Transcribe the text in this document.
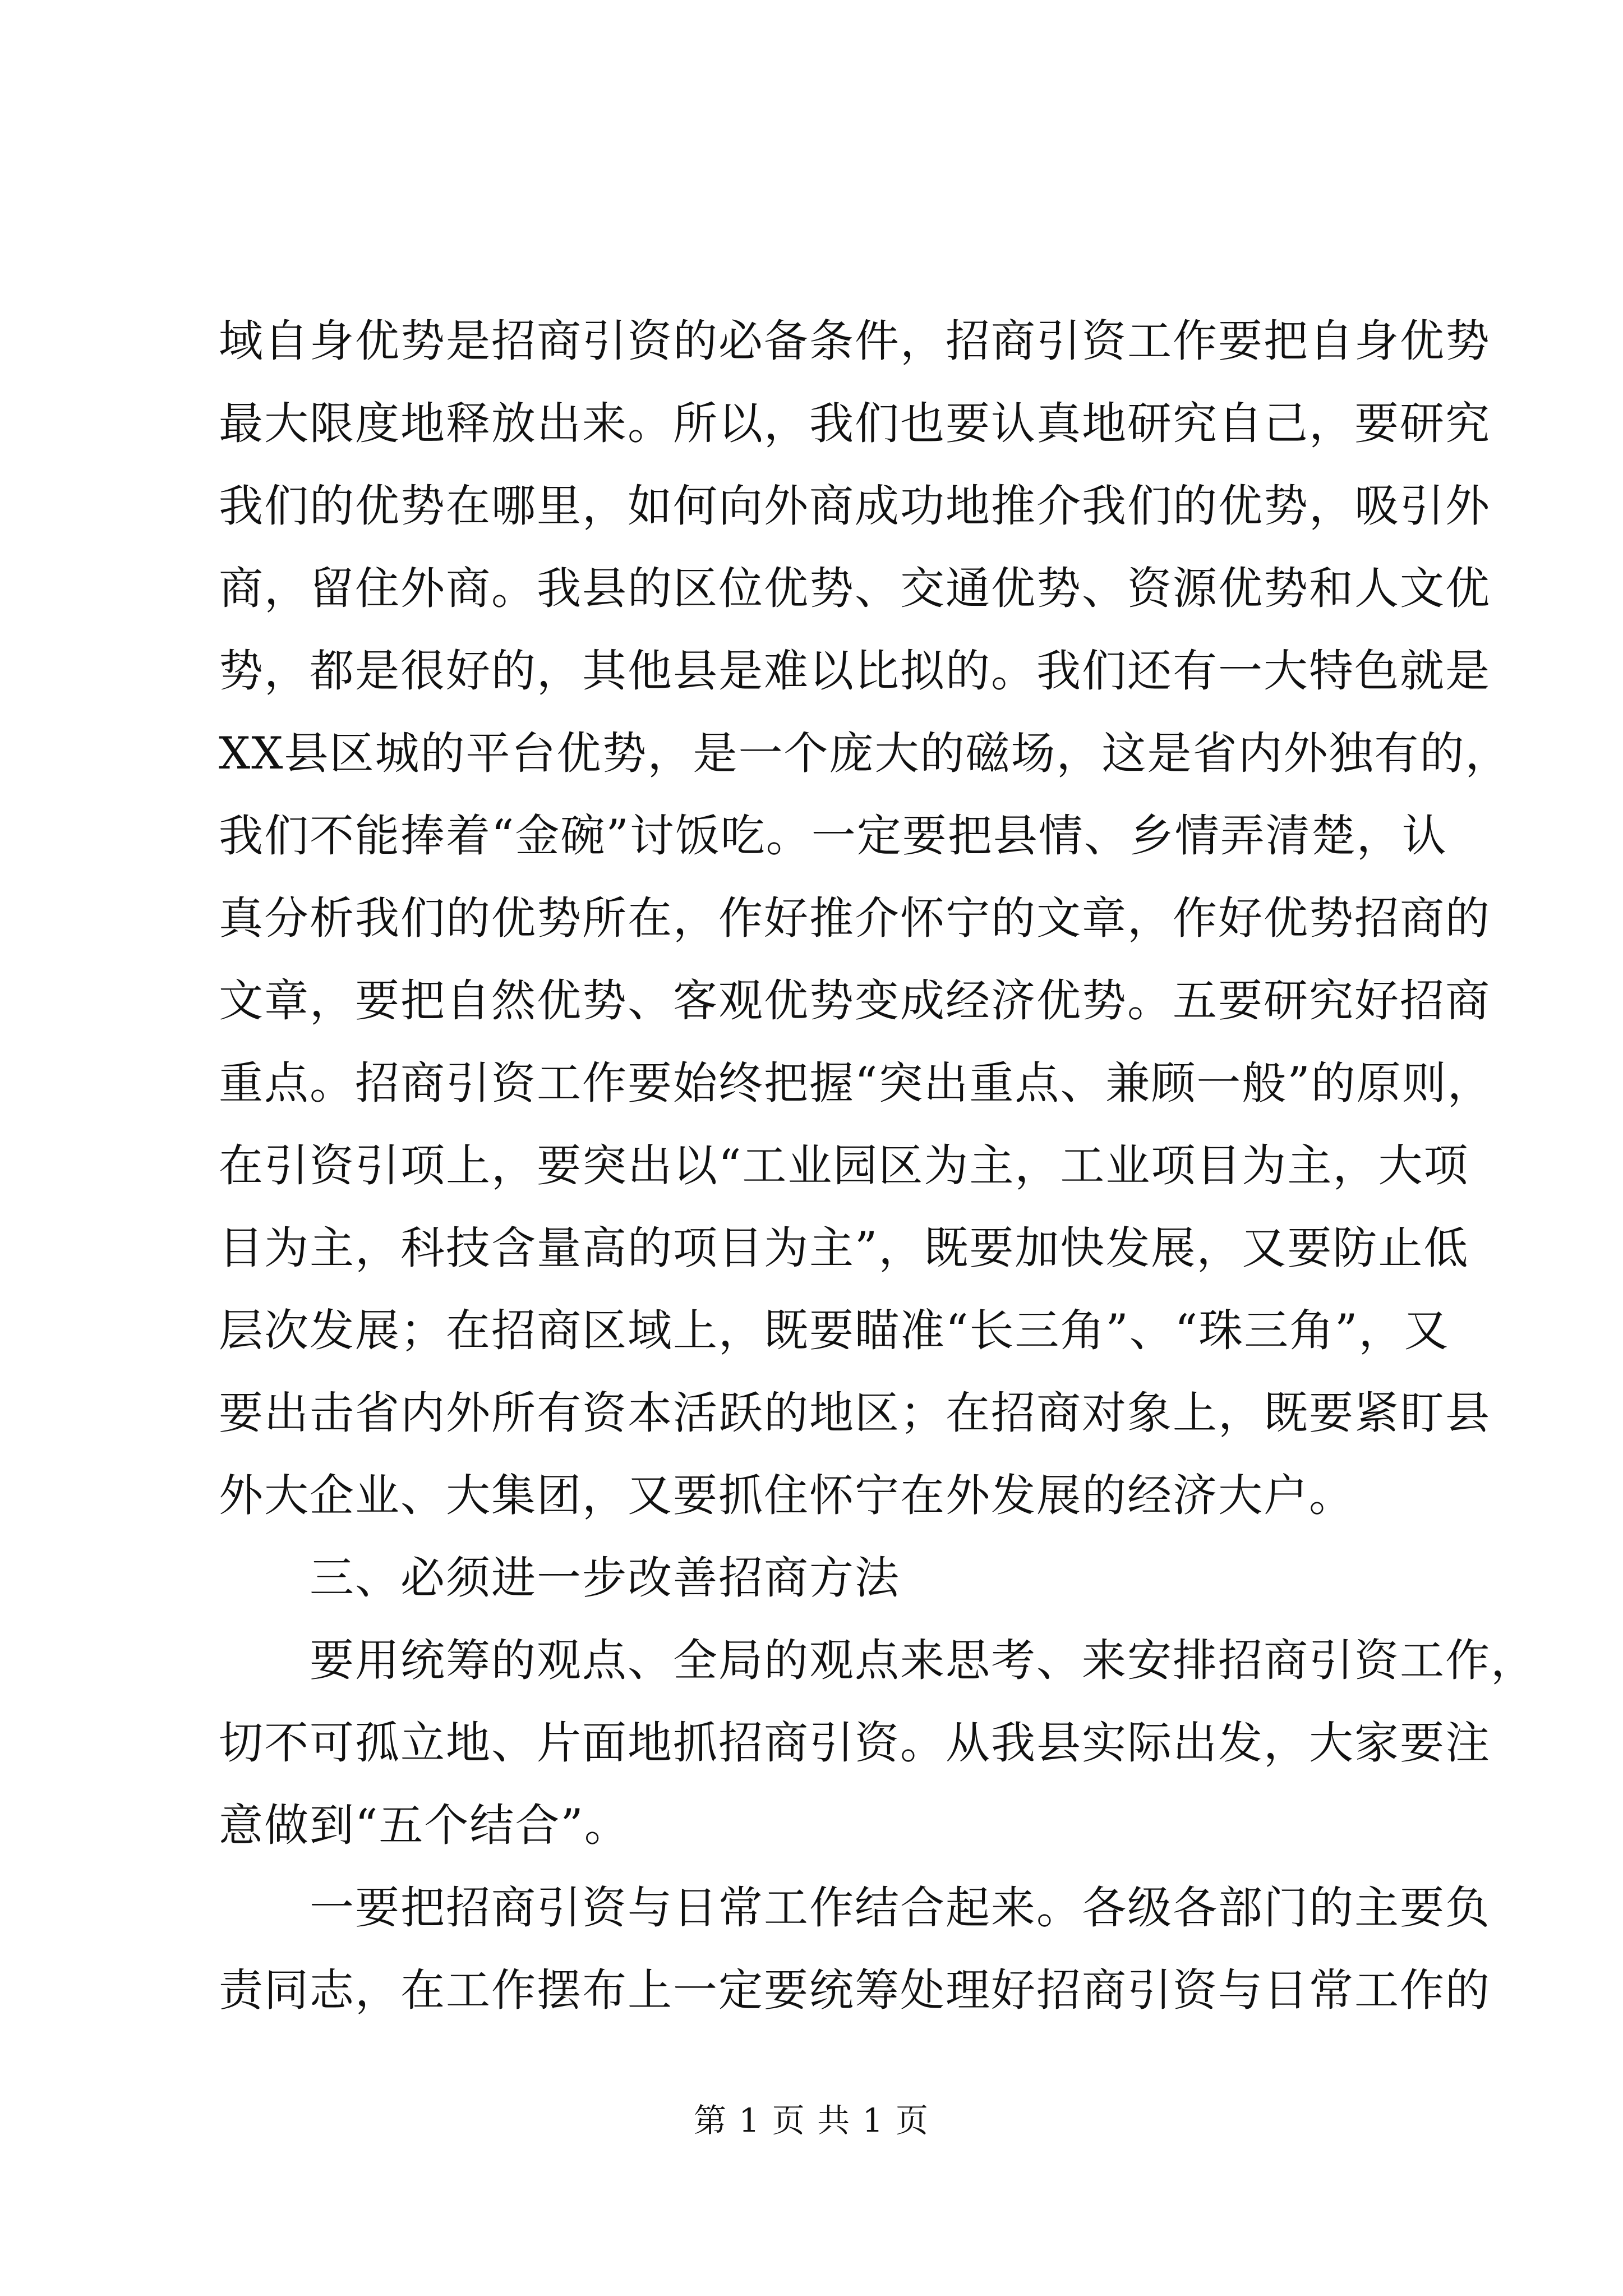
域自身优势是招商引资的必备条件，招商引资工作要把自身优势
最大限度地释放出来。所以，我们也要认真地研究自己，要研究
我们的优势在哪里，如何向外商成功地推介我们的优势，吸引外
商，留住外商。我县的区位优势、交通优势、资源优势和人文优
势，都是很好的，其他县是难以比拟的。我们还有一大特色就是
XX县区城的平台优势，是一个庞大的磁场，这是省内外独有的，
我们不能捧着“金碗”讨饭吃。一定要把县情、乡情弄清楚，认
真分析我们的优势所在，作好推介怀宁的文章，作好优势招商的
文章，要把自然优势、客观优势变成经济优势。五要研究好招商
重点。招商引资工作要始终把握“突出重点、兼顾一般”的原则，
在引资引项上，要突出以“工业园区为主，工业项目为主，大项
目为主，科技含量高的项目为主”，既要加快发展，又要防止低
层次发展；在招商区域上，既要瞄准“长三角”、“珠三角”，又
要出击省内外所有资本活跃的地区；在招商对象上，既要紧盯县
外大企业、大集团，又要抓住怀宁在外发展的经济大户。
三、必须进一步改善招商方法
要用统筹的观点、全局的观点来思考、来安排招商引资工作，
切不可孤立地、片面地抓招商引资。从我县实际出发，大家要注
意做到“五个结合”。
一要把招商引资与日常工作结合起来。各级各部门的主要负
责同志，在工作摆布上一定要统筹处理好招商引资与日常工作的
第 1 页 共 1 页
